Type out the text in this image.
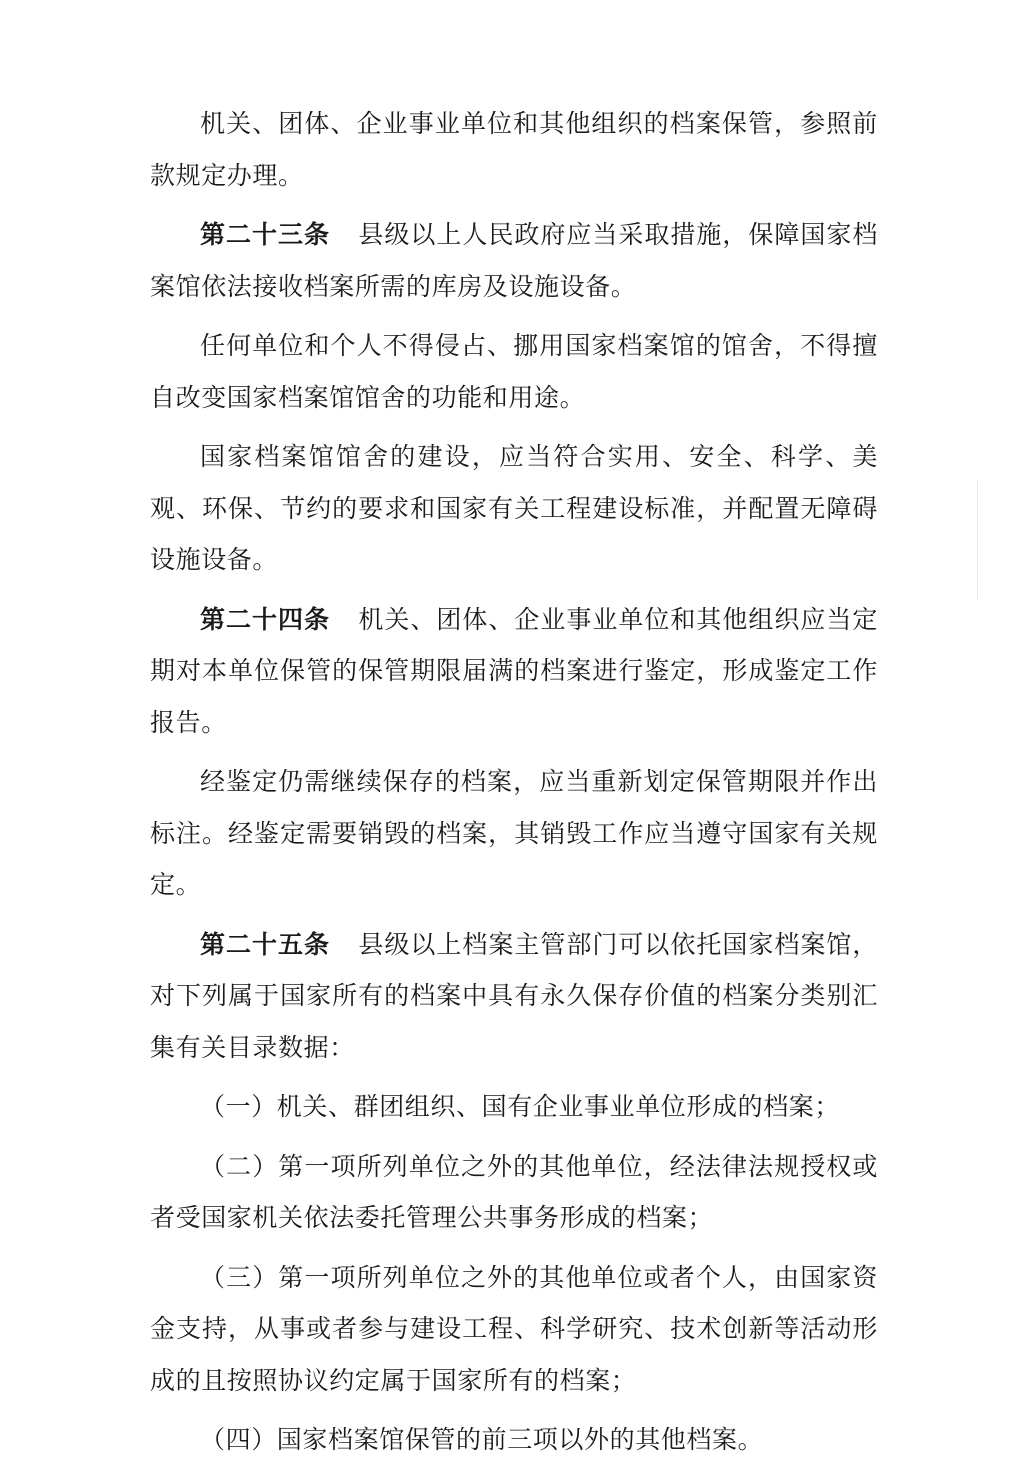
机关、团体、企业事业单位和其他组织的档案保管，参照前款规定办理。

第二十三条 县级以上人民政府应当采取措施，保障国家档案馆依法接收档案所需的库房及设施设备。

任何单位和个人不得侵占、挪用国家档案馆的馆舍，不得擅自改变国家档案馆馆舍的功能和用途。

国家档案馆馆舍的建设，应当符合实用、安全、科学、美观、环保、节约的要求和国家有关工程建设标准，并配置无障碍设施设备。

第二十四条 机关、团体、企业事业单位和其他组织应当定期对本单位保管的保管期限届满的档案进行鉴定，形成鉴定工作报告。

经鉴定仍需继续保存的档案，应当重新划定保管期限并作出标注。经鉴定需要销毁的档案，其销毁工作应当遵守国家有关规定。

第二十五条 县级以上档案主管部门可以依托国家档案馆，对下列属于国家所有的档案中具有永久保存价值的档案分类别汇集有关目录数据：

（一）机关、群团组织、国有企业事业单位形成的档案；

（二）第一项所列单位之外的其他单位，经法律法规授权或者受国家机关依法委托管理公共事务形成的档案；

（三）第一项所列单位之外的其他单位或者个人，由国家资金支持，从事或者参与建设工程、科学研究、技术创新等活动形成的且按照协议约定属于国家所有的档案；

（四）国家档案馆保管的前三项以外的其他档案。
